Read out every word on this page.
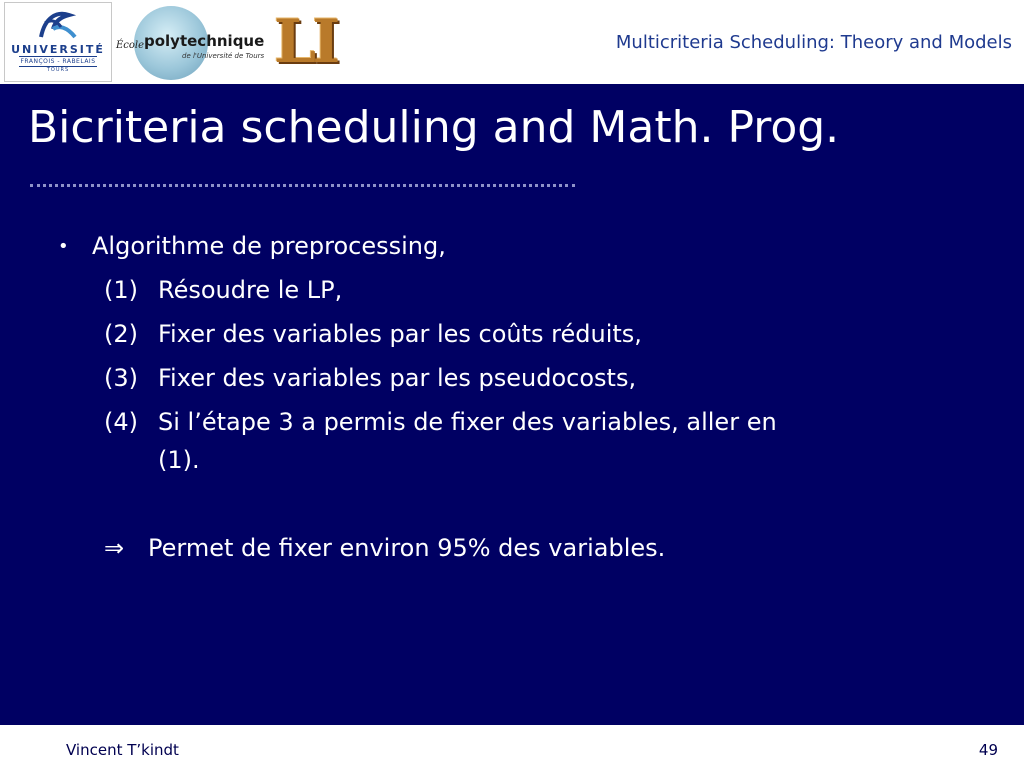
UNIVERSITÉ
FRANÇOIS - RABELAIS
TOURS
École polytechnique
de l'Université de Tours LI	Multicriteria Scheduling: Theory and Models
Bicriteria scheduling and Math. Prog.
• Algorithme de preprocessing,
(1) Résoudre le LP,
(2) Fixer des variables par les coûts réduits,
(3) Fixer des variables par les pseudocosts,
(4) Si l’étape 3 a permis de fixer des variables, aller en
(1).
⇒ Permet de fixer environ 95% des variables.
Vincent T’kindt	49
